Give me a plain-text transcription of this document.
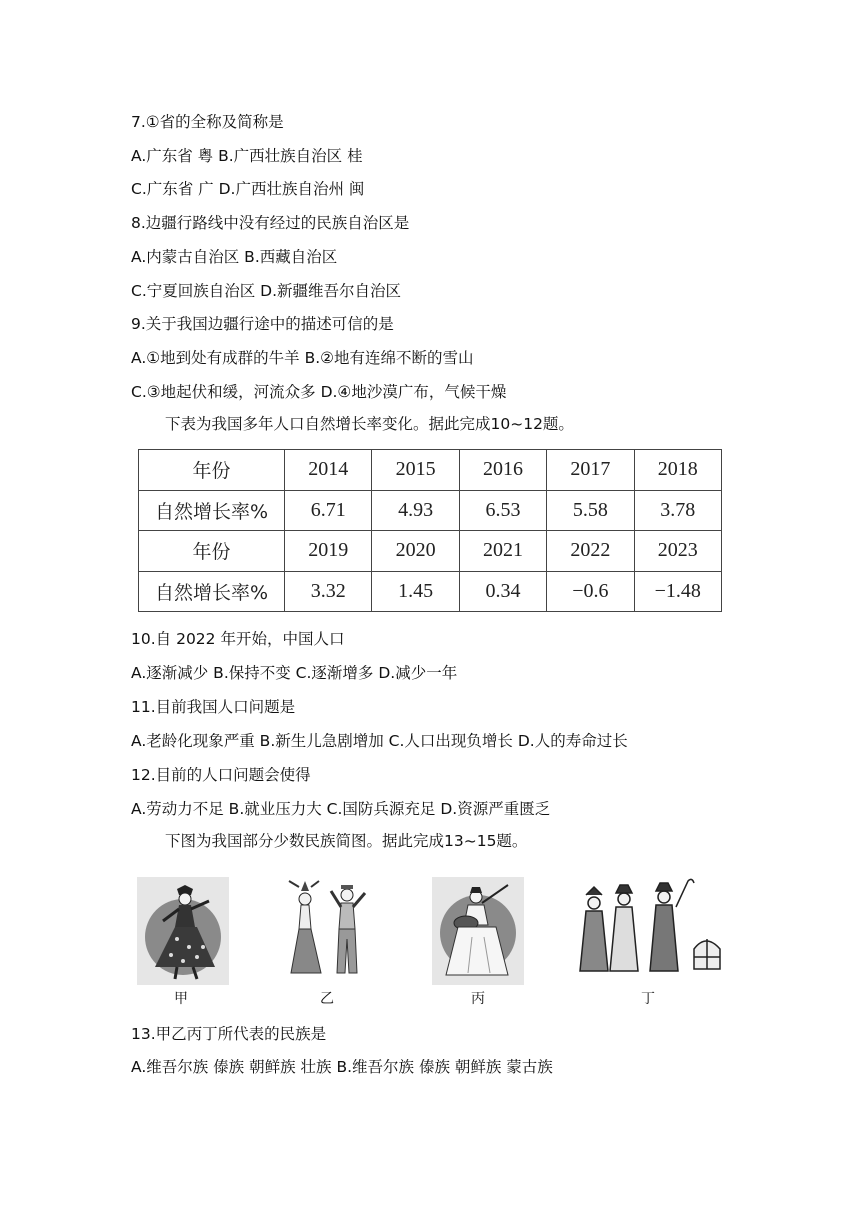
7.①省的全称及简称是
A.广东省 粤 B.广西壮族自治区 桂
C.广东省 广 D.广西壮族自治州 闽
8.边疆行路线中没有经过的民族自治区是
A.内蒙古自治区 B.西藏自治区
C.宁夏回族自治区 D.新疆维吾尔自治区
9.关于我国边疆行途中的描述可信的是
A.①地到处有成群的牛羊 B.②地有连绵不断的雪山
C.③地起伏和缓，河流众多 D.④地沙漠广布，气候干燥
下表为我国多年人口自然增长率变化。据此完成10~12题。
年份	2014	2015	2016	2017	2018
自然增长率%	6.71	4.93	6.53	5.58	3.78
年份	2019	2020	2021	2022	2023
自然增长率%	3.32	1.45	0.34	−0.6	−1.48
10.自 2022 年开始，中国人口
A.逐渐减少 B.保持不变 C.逐渐增多 D.减少一年
11.目前我国人口问题是
A.老龄化现象严重 B.新生儿急剧增加 C.人口出现负增长 D.人的寿命过长
12.目前的人口问题会使得
A.劳动力不足 B.就业压力大 C.国防兵源充足 D.资源严重匮乏
下图为我国部分少数民族简图。据此完成13~15题。
甲	乙	丙	丁
13.甲乙丙丁所代表的民族是
A.维吾尔族 傣族 朝鲜族 壮族 B.维吾尔族 傣族 朝鲜族 蒙古族
